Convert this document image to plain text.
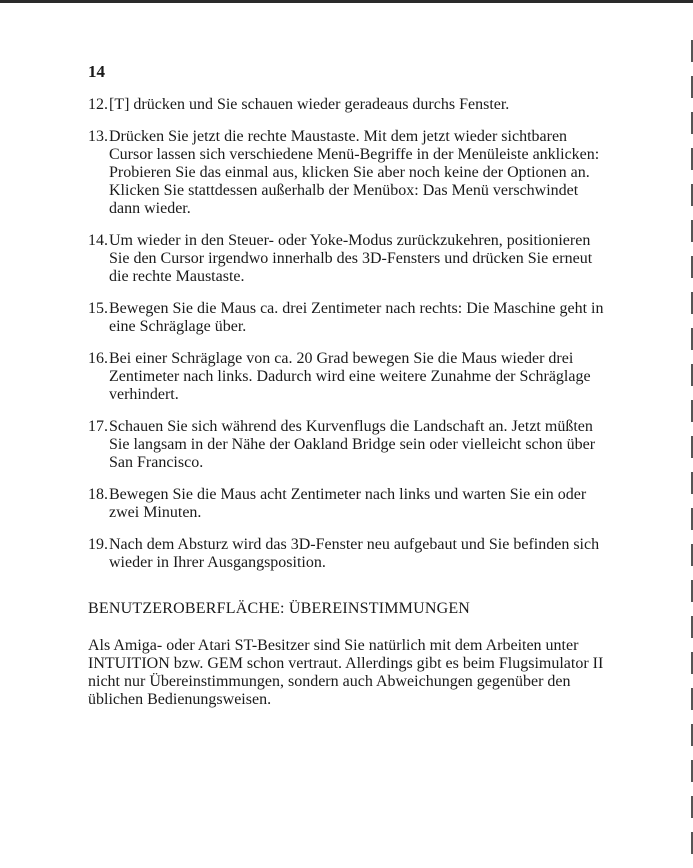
14

12. [T] drücken und Sie schauen wieder geradeaus durchs Fenster.
13. Drücken Sie jetzt die rechte Maustaste. Mit dem jetzt wieder sichtbaren Cursor lassen sich verschiedene Menü-Begriffe in der Menüleiste anklicken: Probieren Sie das einmal aus, klicken Sie aber noch keine der Optionen an. Klicken Sie stattdessen außerhalb der Menübox: Das Menü verschwindet dann wieder.
14. Um wieder in den Steuer- oder Yoke-Modus zurückzukehren, positionieren Sie den Cursor irgendwo innerhalb des 3D-Fensters und drücken Sie erneut die rechte Maustaste.
15. Bewegen Sie die Maus ca. drei Zentimeter nach rechts: Die Maschine geht in eine Schräglage über.
16. Bei einer Schräglage von ca. 20 Grad bewegen Sie die Maus wieder drei Zentimeter nach links. Dadurch wird eine weitere Zunahme der Schräglage verhindert.
17. Schauen Sie sich während des Kurvenflugs die Landschaft an. Jetzt müßten Sie langsam in der Nähe der Oakland Bridge sein oder vielleicht schon über San Francisco.
18. Bewegen Sie die Maus acht Zentimeter nach links und warten Sie ein oder zwei Minuten.
19. Nach dem Absturz wird das 3D-Fenster neu aufgebaut und Sie befinden sich wieder in Ihrer Ausgangsposition.
BENUTZEROBERFLÄCHE: ÜBEREINSTIMMUNGEN

Als Amiga- oder Atari ST-Besitzer sind Sie natürlich mit dem Arbeiten unter INTUITION bzw. GEM schon vertraut. Allerdings gibt es beim Flugsimulator II nicht nur Übereinstimmungen, sondern auch Abweichungen gegenüber den üblichen Bedienungsweisen.
